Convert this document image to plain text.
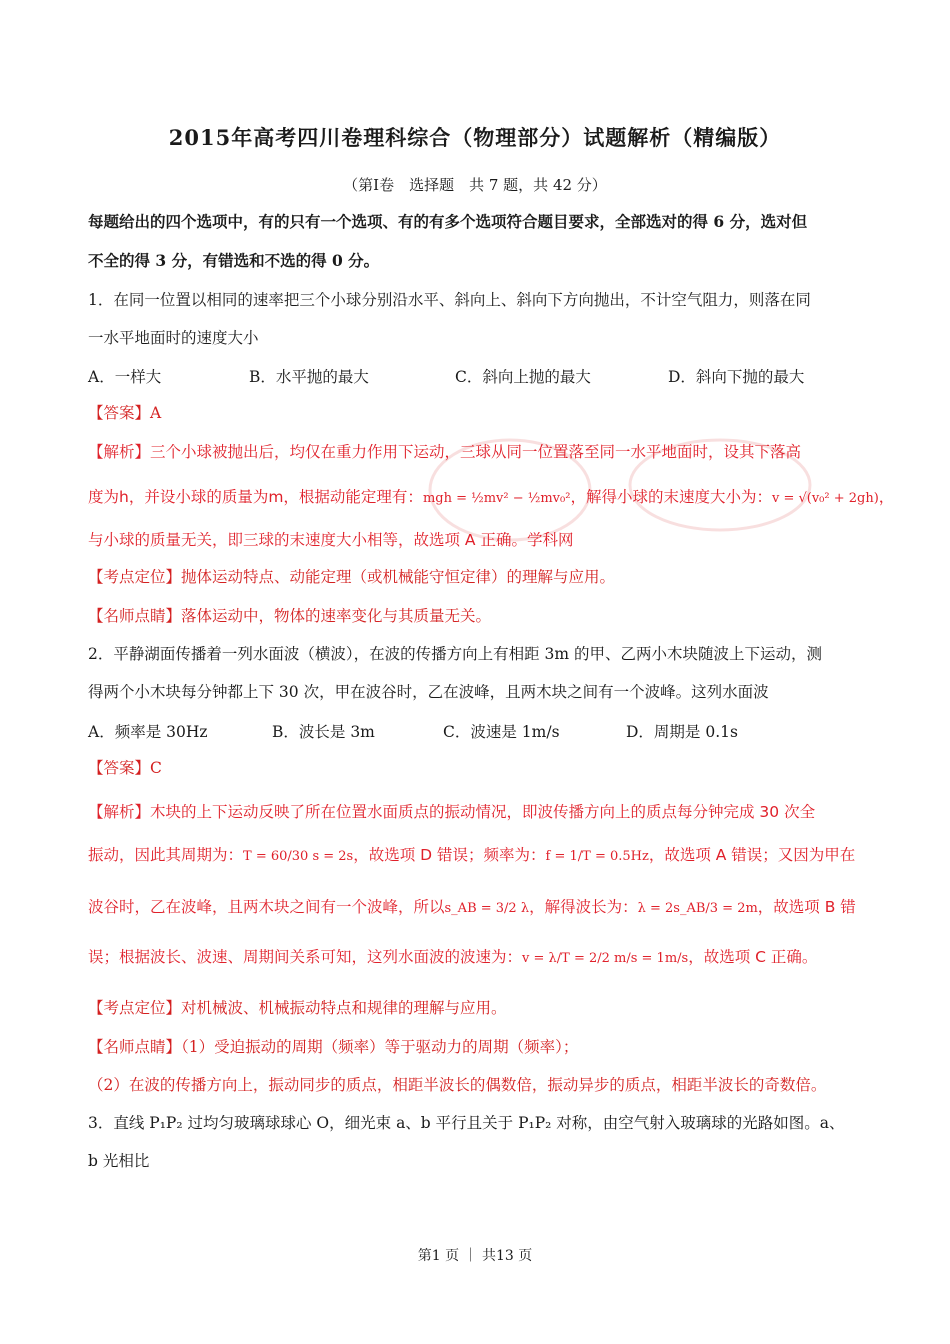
2015年高考四川卷理科综合（物理部分）试题解析（精编版）
（第Ⅰ卷　选择题　共 7 题，共 42 分）
每题给出的四个选项中，有的只有一个选项、有的有多个选项符合题目要求，全部选对的得 6 分，选对但
不全的得 3 分，有错选和不选的得 0 分。
1．在同一位置以相同的速率把三个小球分别沿水平、斜向上、斜向下方向抛出，不计空气阻力，则落在同
一水平地面时的速度大小
A．一样大	B．水平抛的最大	C．斜向上抛的最大	D．斜向下抛的最大
【答案】A
【解析】三个小球被抛出后，均仅在重力作用下运动，三球从同一位置落至同一水平地面时，设其下落高
度为h，并设小球的质量为m，根据动能定理有：mgh = ½mv² − ½mv₀²，解得小球的末速度大小为：v = √(v₀² + 2gh)，
与小球的质量无关，即三球的末速度大小相等，故选项 A 正确。学科网
【考点定位】抛体运动特点、动能定理（或机械能守恒定律）的理解与应用。
【名师点睛】落体运动中，物体的速率变化与其质量无关。
2．平静湖面传播着一列水面波（横波），在波的传播方向上有相距 3m 的甲、乙两小木块随波上下运动，测
得两个小木块每分钟都上下 30 次，甲在波谷时，乙在波峰，且两木块之间有一个波峰。这列水面波
A．频率是 30Hz	B．波长是 3m	C．波速是 1m/s	D．周期是 0.1s
【答案】C
【解析】木块的上下运动反映了所在位置水面质点的振动情况，即波传播方向上的质点每分钟完成 30 次全
振动，因此其周期为：T = 60/30 s = 2s，故选项 D 错误；频率为：f = 1/T = 0.5Hz，故选项 A 错误；又因为甲在
波谷时，乙在波峰，且两木块之间有一个波峰，所以s_AB = 3/2 λ，解得波长为：λ = 2s_AB/3 = 2m，故选项 B 错
误；根据波长、波速、周期间关系可知，这列水面波的波速为：v = λ/T = 2/2 m/s = 1m/s，故选项 C 正确。
【考点定位】对机械波、机械振动特点和规律的理解与应用。
【名师点睛】（1）受迫振动的周期（频率）等于驱动力的周期（频率）；
（2）在波的传播方向上，振动同步的质点，相距半波长的偶数倍，振动异步的质点，相距半波长的奇数倍。
3．直线 P₁P₂ 过均匀玻璃球球心 O，细光束 a、b 平行且关于 P₁P₂ 对称，由空气射入玻璃球的光路如图。a、
b 光相比
第1 页 ｜ 共13 页
